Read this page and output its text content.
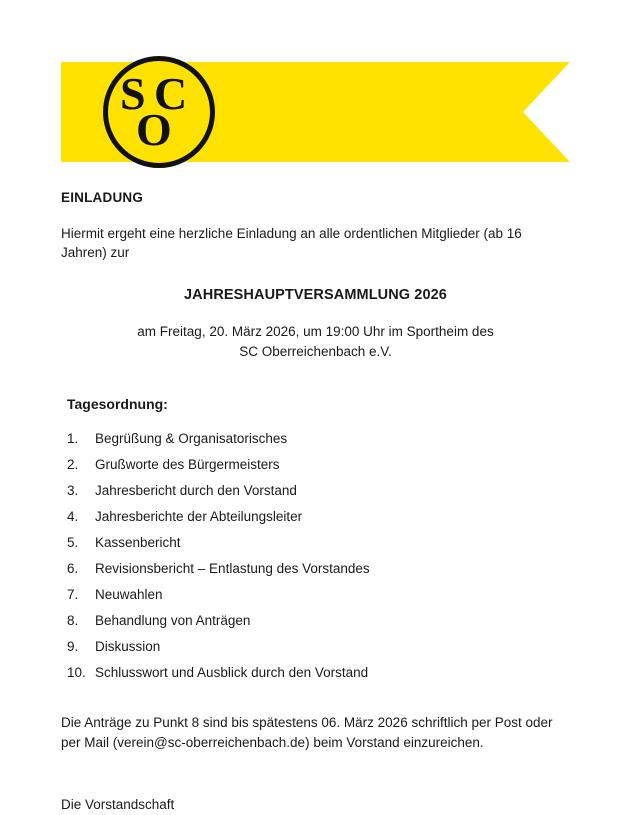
S C
O

EINLADUNG

Hiermit ergeht eine herzliche Einladung an alle ordentlichen Mitglieder (ab 16 Jahren) zur

JAHRESHAUPTVERSAMMLUNG 2026

am Freitag, 20. März 2026, um 19:00 Uhr im Sportheim des
SC Oberreichenbach e.V.

Tagesordnung:

1.	Begrüßung & Organisatorisches
2.	Grußworte des Bürgermeisters
3.	Jahresbericht durch den Vorstand
4.	Jahresberichte der Abteilungsleiter
5.	Kassenbericht
6.	Revisionsbericht – Entlastung des Vorstandes
7.	Neuwahlen
8.	Behandlung von Anträgen
9.	Diskussion
10. Schlusswort und Ausblick durch den Vorstand

Die Anträge zu Punkt 8 sind bis spätestens 06. März 2026 schriftlich per Post oder per Mail (verein@sc-oberreichenbach.de) beim Vorstand einzureichen.

Die Vorstandschaft
